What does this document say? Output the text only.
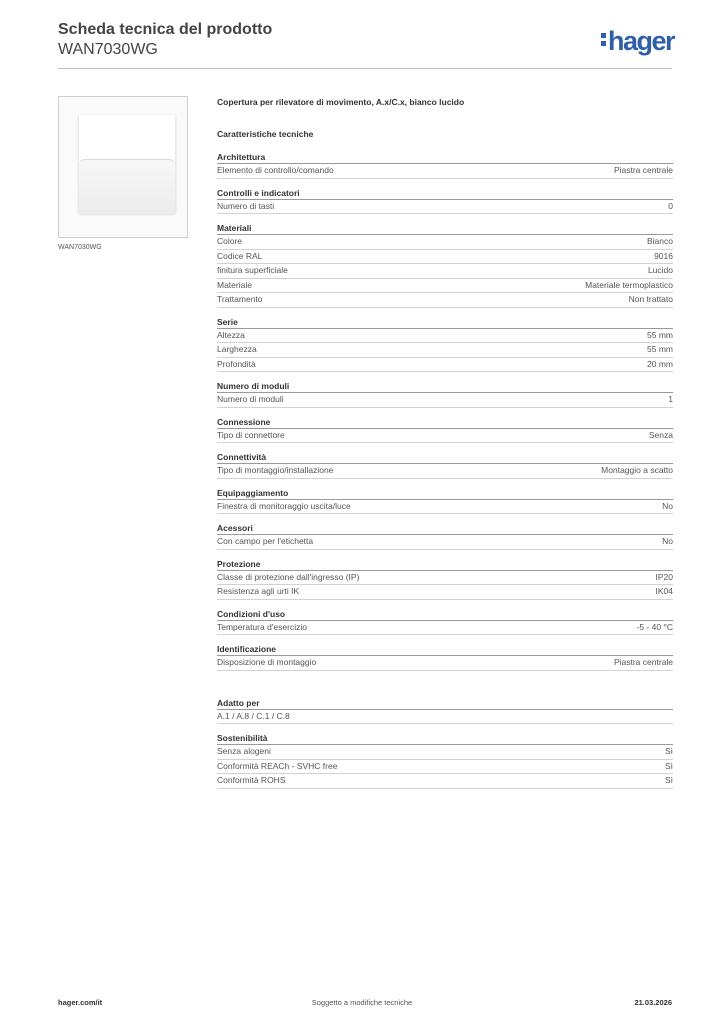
Scheda tecnica del prodotto
WAN7030WG	hager
WAN7030WG
Copertura per rilevatore di movimento, A.x/C.x, bianco lucido
Caratteristiche tecniche
Architettura
Elemento di controllo/comando	Piastra centrale
Controlli e indicatori
Numero di tasti	0
Materiali
Colore	Bianco
Codice RAL	9016
finitura superficiale	Lucido
Materiale	Materiale termoplastico
Trattamento	Non trattato
Serie
Altezza	55 mm
Larghezza	55 mm
Profondità	20 mm
Numero di moduli
Numero di moduli	1
Connessione
Tipo di connettore	Senza
Connettività
Tipo di montaggio/installazione	Montaggio a scatto
Equipaggiamento
Finestra di monitoraggio uscita/luce	No
Acessori
Con campo per l'etichetta	No
Protezione
Classe di protezione dall'ingresso (IP)	IP20
Resistenza agli urti IK	IK04
Condizioni d'uso
Temperatura d'esercizio	-5 - 40 °C
Identificazione
Disposizione di montaggio	Piastra centrale
Adatto per
A.1 / A.8 / C.1 / C.8
Sostenibilità
Senza alogeni	Sì
Conformità REACh - SVHC free	Sì
Conformità ROHS	Sì
hager.com/it	Soggetto a modifiche tecniche	21.03.2026
